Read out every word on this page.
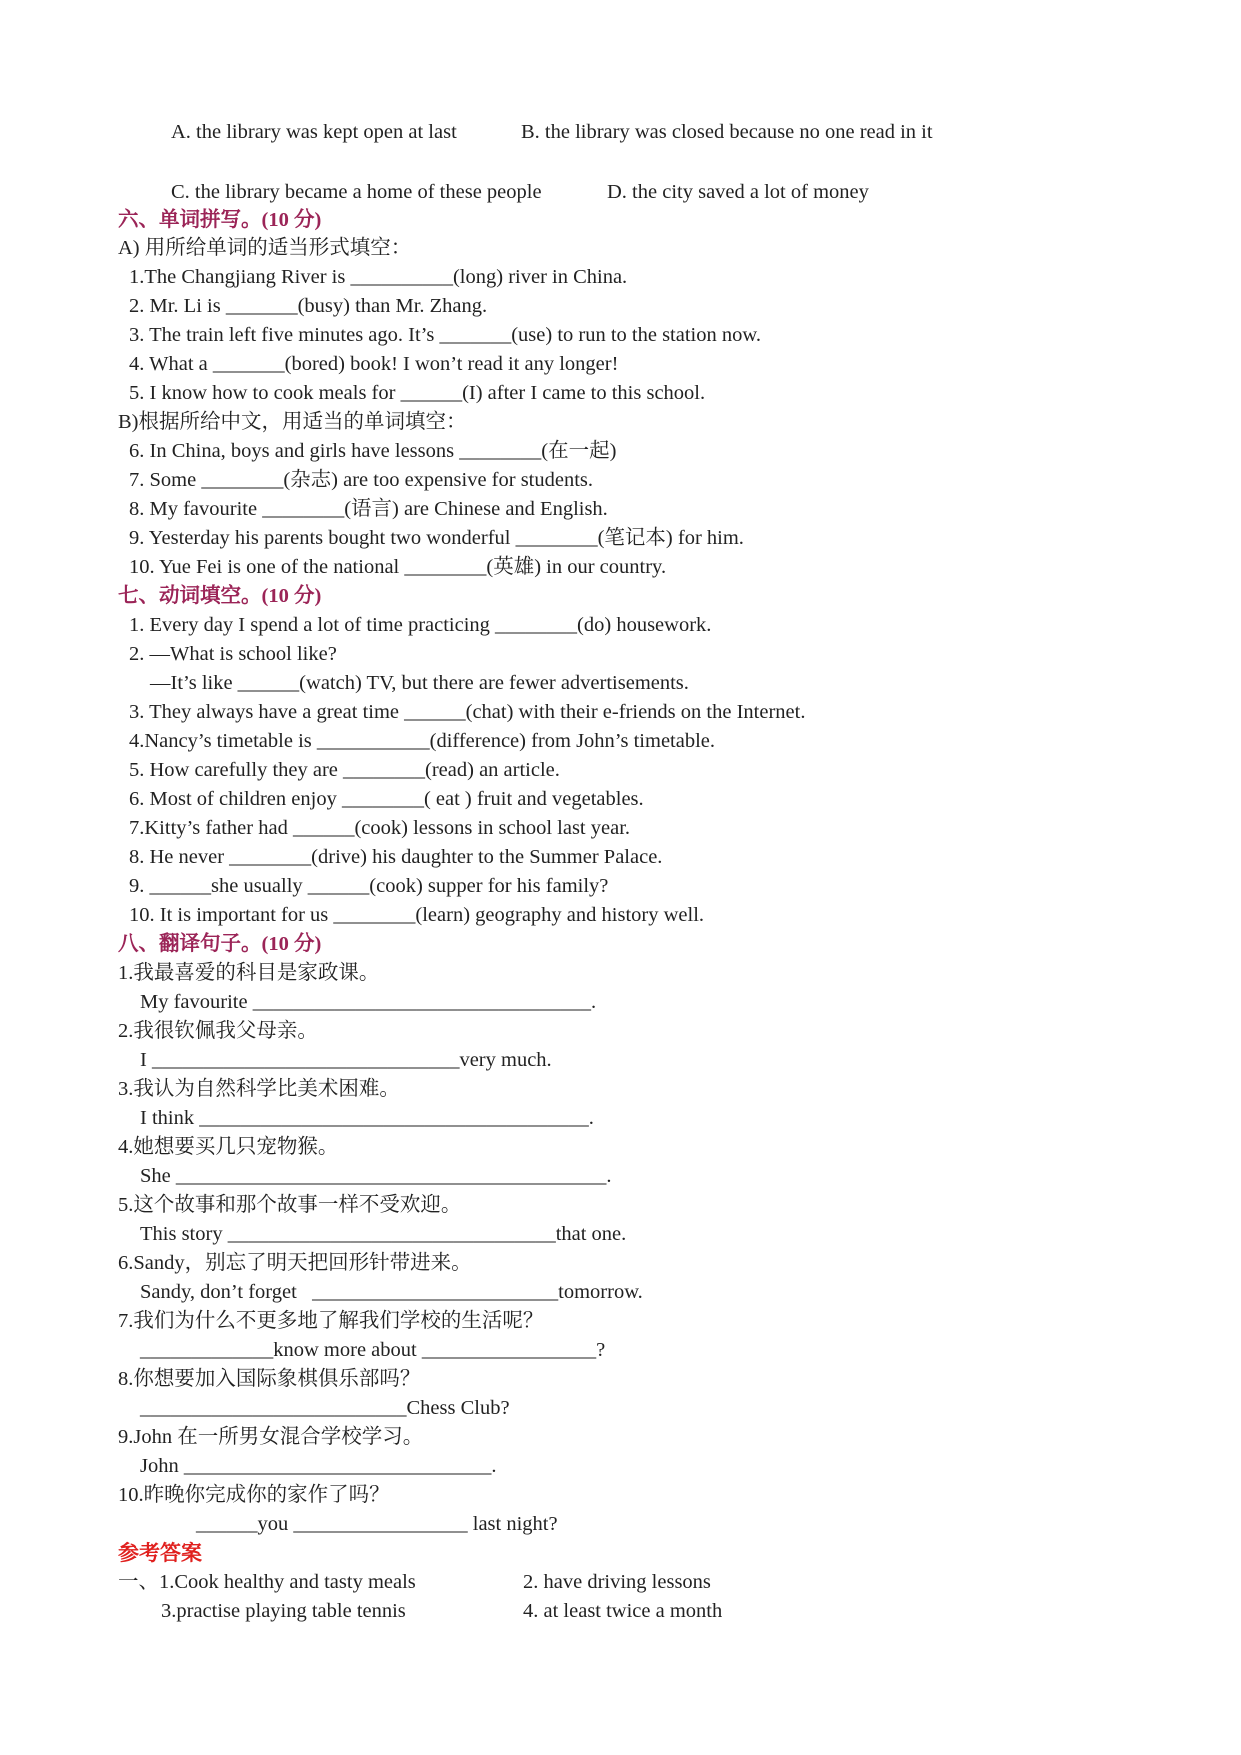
A. the library was kept open at last	B. the library was closed because no one read in it
C. the library became a home of these people	D. the city saved a lot of money
六、单词拼写。(10 分)
A) 用所给单词的适当形式填空：
1.The Changjiang River is __________(long) river in China.
2. Mr. Li is _______(busy) than Mr. Zhang.
3. The train left five minutes ago. It’s _______(use) to run to the station now.
4. What a _______(bored) book! I won’t read it any longer!
5. I know how to cook meals for ______(I) after I came to this school.
B)根据所给中文，用适当的单词填空：
6. In China, boys and girls have lessons ________(在一起)
7. Some ________(杂志) are too expensive for students.
8. My favourite ________(语言) are Chinese and English.
9. Yesterday his parents bought two wonderful ________(笔记本) for him.
10. Yue Fei is one of the national ________(英雄) in our country.
七、动词填空。(10 分)
1. Every day I spend a lot of time practicing ________(do) housework.
2. —What is school like?
—It’s like ______(watch) TV, but there are fewer advertisements.
3. They always have a great time ______(chat) with their e-friends on the Internet.
4.Nancy’s timetable is ___________(difference) from John’s timetable.
5. How carefully they are ________(read) an article.
6. Most of children enjoy ________( eat ) fruit and vegetables.
7.Kitty’s father had ______(cook) lessons in school last year.
8. He never ________(drive) his daughter to the Summer Palace.
9. ______she usually ______(cook) supper for his family?
10. It is important for us ________(learn) geography and history well.
八、翻译句子。(10 分)
1.我最喜爱的科目是家政课。
My favourite _________________________________.
2.我很钦佩我父母亲。
I ______________________________very much.
3.我认为自然科学比美术困难。
I think ______________________________________.
4.她想要买几只宠物猴。
She __________________________________________.
5.这个故事和那个故事一样不受欢迎。
This story ________________________________that one.
6.Sandy，别忘了明天把回形针带进来。
Sandy, don’t forget   ________________________tomorrow.
7.我们为什么不更多地了解我们学校的生活呢？
_____________know more about _________________?
8.你想要加入国际象棋俱乐部吗？
__________________________Chess Club?
9.John 在一所男女混合学校学习。
John ______________________________.
10.昨晚你完成你的家作了吗？
______you _________________ last night?
参考答案
一、1.Cook healthy and tasty meals	2. have driving lessons
3.practise playing table tennis	4. at least twice a month
